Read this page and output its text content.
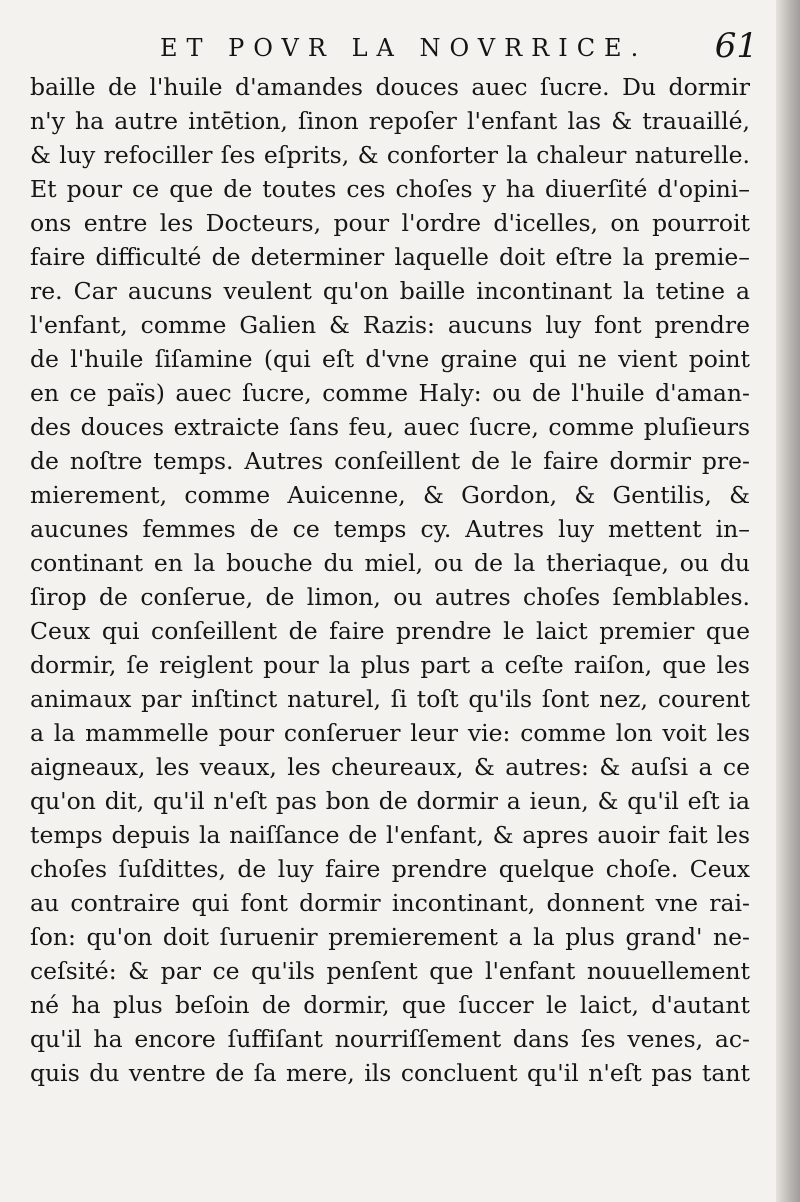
ET POVR LA NOVRRICE. 61
baille de l'huile d'amandes douces auec ſucre. Du dormir
n'y ha autre intētion, ſinon repoſer l'enfant las & trauaillé,
& luy refociller ſes eſprits, & conforter la chaleur naturelle.
Et pour ce que de toutes ces choſes y ha diuerſité d'opini–
ons entre les Docteurs, pour l'ordre d'icelles, on pourroit
faire difficulté de determiner laquelle doit eſtre la premie–
re. Car aucuns veulent qu'on baille incontinant la tetine a
l'enfant, comme Galien & Razis: aucuns luy font prendre
de l'huile ſiſamine (qui eſt d'vne graine qui ne vient point
en ce païs) auec ſucre, comme Haly: ou de l'huile d'aman-
des douces extraicte ſans feu, auec ſucre, comme pluſieurs
de noſtre temps. Autres conſeillent de le faire dormir pre-
mierement, comme Auicenne, & Gordon, & Gentilis, &
aucunes femmes de ce temps cy. Autres luy mettent in–
continant en la bouche du miel, ou de la theriaque, ou du
ſirop de conſerue, de limon, ou autres choſes ſemblables.
Ceux qui conſeillent de faire prendre le laict premier que
dormir, ſe reiglent pour la plus part a ceſte raiſon, que les
animaux par inſtinct naturel, ſi toſt qu'ils ſont nez, courent
a la mammelle pour conſeruer leur vie: comme lon voit les
aigneaux, les veaux, les cheureaux, & autres: & auſsi a ce
qu'on dit, qu'il n'eſt pas bon de dormir a ieun, & qu'il eſt ia
temps depuis la naiſſance de l'enfant, & apres auoir fait les
choſes ſuſdittes, de luy faire prendre quelque choſe. Ceux
au contraire qui font dormir incontinant, donnent vne rai-
ſon: qu'on doit ſuruenir premierement a la plus grand' ne-
ceſsité: & par ce qu'ils penſent que l'enfant nouuellement
né ha plus beſoin de dormir, que ſuccer le laict, d'autant
qu'il ha encore ſuffiſant nourriſſement dans ſes venes, ac-
quis du ventre de ſa mere, ils concluent qu'il n'eſt pas tant
